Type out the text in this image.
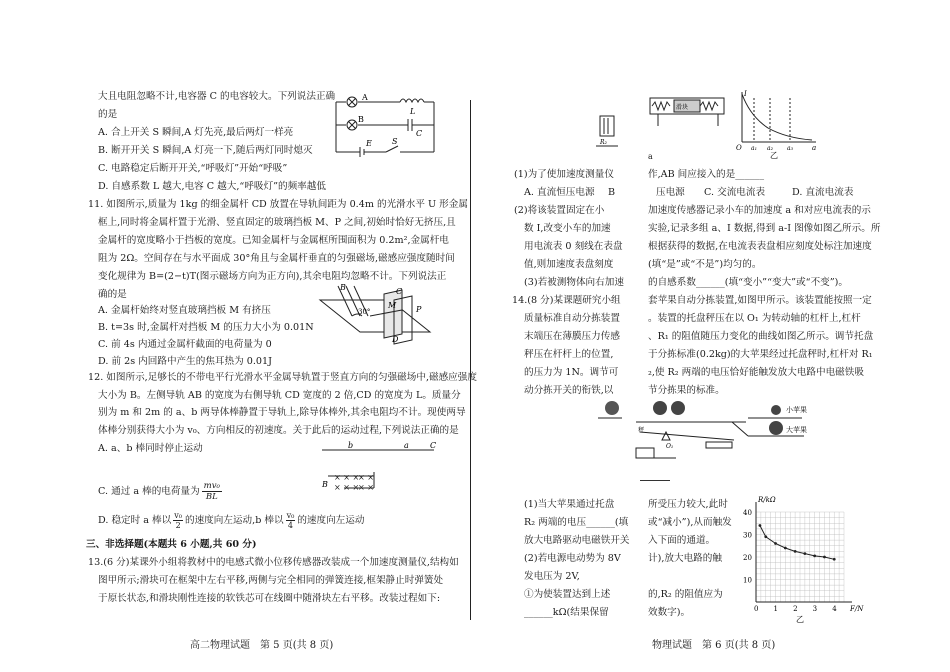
大且电阻忽略不计,电容器 C 的电容较大。下列说法正确
的是
A. 合上开关 S 瞬间,A 灯先亮,最后两灯一样亮
B. 断开开关 S 瞬间,A 灯亮一下,随后两灯同时熄灭
C. 电路稳定后断开开关,“呼吸灯”开始“呼吸”
D. 自感系数 L 越大,电容 C 越大,“呼吸灯”的频率越低
A
B
L
C
E	S
11. 如图所示,质量为 1kg 的细金属杆 CD 放置在导轨间距为 0.4m 的光滑水平 U 形金属
框上,同时将金属杆置于光滑、竖直固定的玻璃挡板 M、P 之间,初始时恰好无挤压,且
金属杆的宽度略小于挡板的宽度。已知金属杆与金属框所围面积为 0.2m²,金属杆电
阻为 2Ω。空间存在与水平面成 30°角且与金属杆垂直的匀强磁场,磁感应强度随时间
变化规律为 B=(2−t)T(图示磁场方向为正方向),其余电阻均忽略不计。下列说法正
确的是
A. 金属杆始终对竖直玻璃挡板 M 有挤压
B. t=3s 时,金属杆对挡板 M 的压力大小为 0.01N
C. 前 4s 内通过金属杆截面的电荷量为 0
D. 前 2s 内回路中产生的焦耳热为 0.01J
B
30°
M P
C
D
12. 如图所示,足够长的不带电平行光滑水平金属导轨置于竖直方向的匀强磁场中,磁感应强度
大小为 B。左侧导轨 AB 的宽度为右侧导轨 CD 宽度的 2 倍,CD 的宽度为 L。质量分
别为 m 和 2m 的 a、b 两导体棒静置于导轨上,除导体棒外,其余电阻均不计。现使两导
体棒分别获得大小为 v₀、方向相反的初速度。关于此后的运动过程,下列说法正确的是
A. a、b 棒同时停止运动	b	a	C
B
× × ×
× ×
× × ×
× ×
C. 通过 a 棒的电荷量为 $\frac{\text{mv₀}}{BL}$
D. 稳定时 a 棒以 $\frac{\text{v₀}}{2}$ 的速度向左运动,b 棒以 $\frac{\text{v₀}}{4}$ 的速度向左运动
三、非选择题(本题共 6 小题,共 60 分)
13.(6 分)某课外小组将教材中的电感式微小位移传感器改装成一个加速度测量仪,结构如
图甲所示;滑块可在框架中左右平移,两侧与完全相同的弹簧连接,框架静止时弹簧处
于原长状态,和滑块刚性连接的软铁芯可在线圈中随滑块左右平移。改装过程如下:
高二物理试题　第 5 页(共 8 页)
R₂
(1)为了使加速度测量仪
A. 直流恒压电源 B
(2)将该装置固定在小
数 I,改变小车的加速
用电流表 0 刻线在表盘
值,则加速度表盘刻度
(3)若被测物体向右加速
14.(8 分)某课题研究小组
质量标准自动分拣装置
末端压在薄膜压力传感
秤压在杆杆上的位置,
的压力为 1N。调节可
动分拣开关的衔铁,以
(1)当大苹果通过托盘
R₂ 两端的电压______(填
放大电路驱动电磁铁开关
(2)若电源电动势为 8V
发电压为 2V,
①为使装置达到上述
______kΩ(结果保留
滑块
I
O a₁ a₂ a₃	a
乙
a
作,AB 间应接入的是______
压电源 C. 交流电流表	D. 直流电流表
加速度传感器记录小车的加速度 a 和对应电流表的示
实验,记录多组 a、I 数据,得到 a-I 图像如图乙所示。所
根据获得的数据,在电流表表盘相应刻度处标注加速度
(填“是”或“不是”)均匀的。
的自感系数______(填“变小”“变大”或“不变”)。
套苹果自动分拣装置,如图甲所示。该装置能按照一定
。装置的托盘秤压在以 O₁ 为转动轴的杠杆上,杠杆
、R₁ 的阻值随压力变化的曲线如图乙所示。调节托盘
于分拣标准(0.2kg)的大苹果经过托盘秤时,杠杆对 R₁
₂,使 R₂ 两端的电压恰好能触发放大电路中电磁铁吸
节分拣果的标准。
小苹果
大苹果
O₁
秤
所受压力较大,此时
或“减小”),从而触发
入下面的通道。
计),放大电路的触
的,R₂ 的阻值应为
效数字)。	0 1 2 3 4
10
20
30
40
F/N
R/kΩ
乙
物理试题　第 6 页(共 8 页)
